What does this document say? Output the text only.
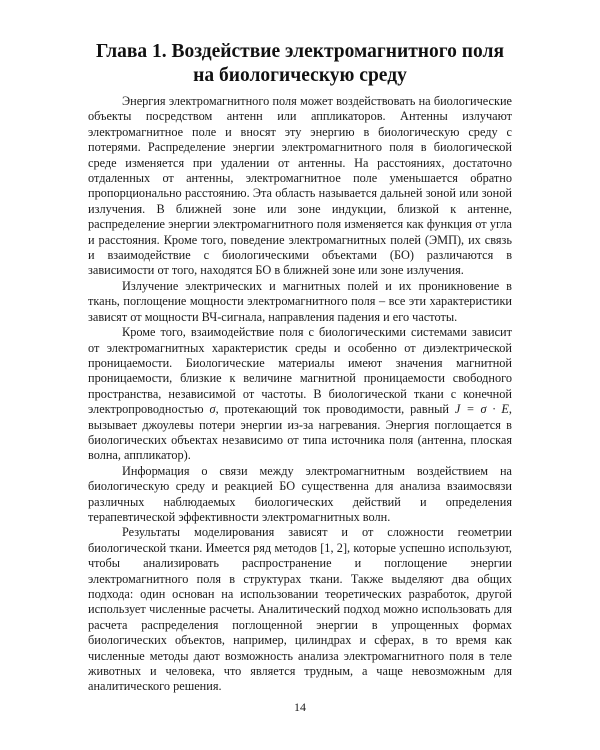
Глава 1. Воздействие электромагнитного поля
на биологическую среду

Энергия электромагнитного поля может воздействовать на биологические объекты посредством антенн или аппликаторов. Антенны излучают электромагнитное поле и вносят эту энергию в биологическую среду с потерями. Распределение энергии электромагнитного поля в биологической среде изменяется при удалении от антенны. На расстояниях, достаточно отдаленных от антенны, электромагнитное поле уменьшается обратно пропорционально расстоянию. Эта область называется дальней зоной или зоной излучения. В ближней зоне или зоне индукции, близкой к антенне, распределение энергии электромагнитного поля изменяется как функция от угла и расстояния. Кроме того, поведение электромагнитных полей (ЭМП), их связь и взаимодействие с биологическими объектами (БО) различаются в зависимости от того, находятся БО в ближней зоне или зоне излучения.

Излучение электрических и магнитных полей и их проникновение в ткань, поглощение мощности электромагнитного поля – все эти характеристики зависят от мощности ВЧ-сигнала, направления падения и его частоты.

Кроме того, взаимодействие поля с биологическими системами зависит от электромагнитных характеристик среды и особенно от диэлектрической проницаемости. Биологические материалы имеют значения магнитной проницаемости, близкие к величине магнитной проницаемости свободного пространства, независимой от частоты. В биологической ткани с конечной электропроводностью σ, протекающий ток проводимости, равный J = σ · E, вызывает джоулевы потери энергии из-за нагревания. Энергия поглощается в биологических объектах независимо от типа источника поля (антенна, плоская волна, аппликатор).

Информация о связи между электромагнитным воздействием на биологическую среду и реакцией БО существенна для анализа взаимосвязи различных наблюдаемых биологических действий и определения терапевтической эффективности электромагнитных волн.

Результаты моделирования зависят и от сложности геометрии биологической ткани. Имеется ряд методов [1, 2], которые успешно используют, чтобы анализировать распространение и поглощение энергии электромагнитного поля в структурах ткани. Также выделяют два общих подхода: один основан на использовании теоретических разработок, другой использует численные расчеты. Аналитический подход можно использовать для расчета распределения поглощенной энергии в упрощенных формах биологических объектов, например, цилиндрах и сферах, в то время как численные методы дают возможность анализа электромагнитного поля в теле животных и человека, что является трудным, а чаще невозможным для аналитического решения.

14
